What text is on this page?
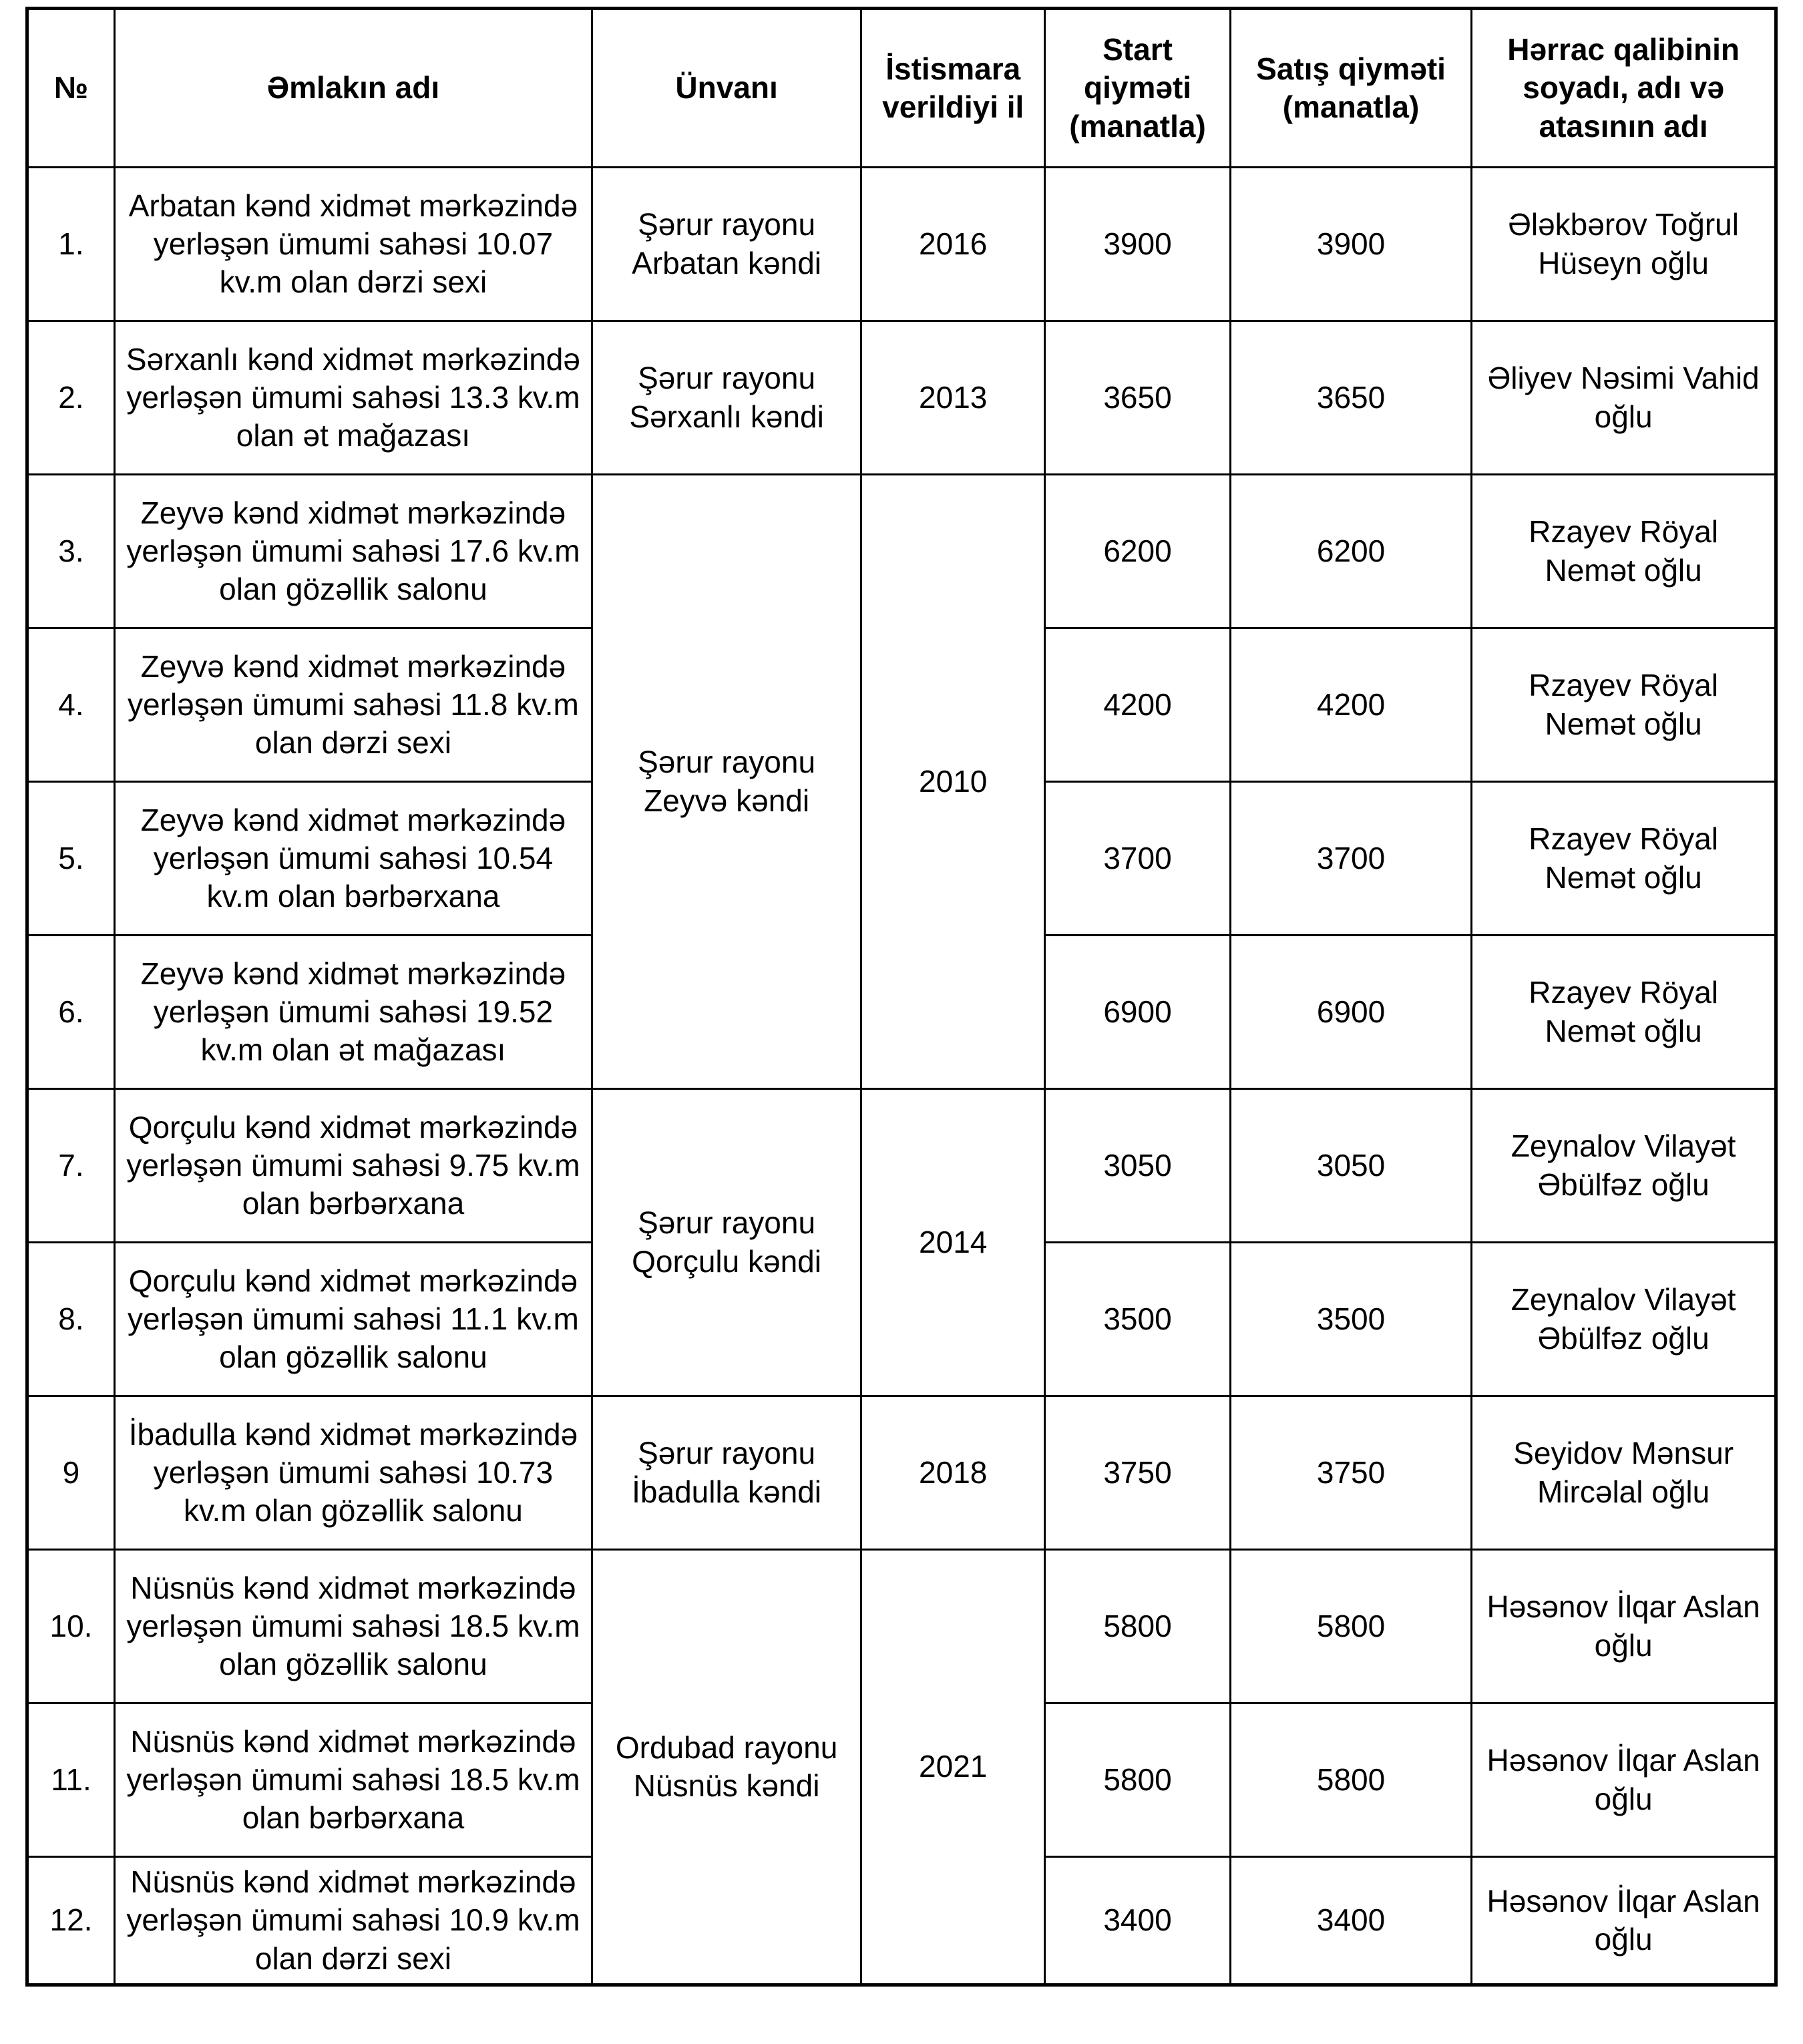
№	Əmlakın adı	Ünvanı	İstismara verildiyi il	Start qiyməti (manatla)	Satış qiyməti (manatla)	Hərrac qalibinin soyadı, adı və atasının adı
1.	Arbatan kənd xidmət mərkəzində yerləşən ümumi sahəsi 10.07 kv.m olan dərzi sexi	Şərur rayonu Arbatan kəndi	2016	3900	3900	Ələkbərov Toğrul Hüseyn oğlu
2.	Sərxanlı kənd xidmət mərkəzində yerləşən ümumi sahəsi 13.3 kv.m olan ət mağazası	Şərur rayonu Sərxanlı kəndi	2013	3650	3650	Əliyev Nəsimi Vahid oğlu
3.	Zeyvə kənd xidmət mərkəzində yerləşən ümumi sahəsi 17.6 kv.m olan gözəllik salonu	Şərur rayonu Zeyvə kəndi	2010	6200	6200	Rzayev Röyal Nemət oğlu
4.	Zeyvə kənd xidmət mərkəzində yerləşən ümumi sahəsi 11.8 kv.m olan dərzi sexi			4200	4200	Rzayev Röyal Nemət oğlu
5.	Zeyvə kənd xidmət mərkəzində yerləşən ümumi sahəsi 10.54 kv.m olan bərbərxana			3700	3700	Rzayev Röyal Nemət oğlu
6.	Zeyvə kənd xidmət mərkəzində yerləşən ümumi sahəsi 19.52 kv.m olan ət mağazası			6900	6900	Rzayev Röyal Nemət oğlu
7.	Qorçulu kənd xidmət mərkəzində yerləşən ümumi sahəsi 9.75 kv.m olan bərbərxana	Şərur rayonu Qorçulu kəndi	2014	3050	3050	Zeynalov Vilayət Əbülfəz oğlu
8.	Qorçulu kənd xidmət mərkəzində yerləşən ümumi sahəsi 11.1 kv.m olan gözəllik salonu			3500	3500	Zeynalov Vilayət Əbülfəz oğlu
9	İbadulla kənd xidmət mərkəzində yerləşən ümumi sahəsi 10.73 kv.m olan gözəllik salonu	Şərur rayonu İbadulla kəndi	2018	3750	3750	Seyidov Mənsur Mircəlal oğlu
10.	Nüsnüs kənd xidmət mərkəzində yerləşən ümumi sahəsi 18.5 kv.m olan gözəllik salonu	Ordubad rayonu Nüsnüs kəndi	2021	5800	5800	Həsənov İlqar Aslan oğlu
11.	Nüsnüs kənd xidmət mərkəzində yerləşən ümumi sahəsi 18.5 kv.m olan bərbərxana			5800	5800	Həsənov İlqar Aslan oğlu
12.	Nüsnüs kənd xidmət mərkəzində yerləşən ümumi sahəsi 10.9 kv.m olan dərzi sexi			3400	3400	Həsənov İlqar Aslan oğlu
